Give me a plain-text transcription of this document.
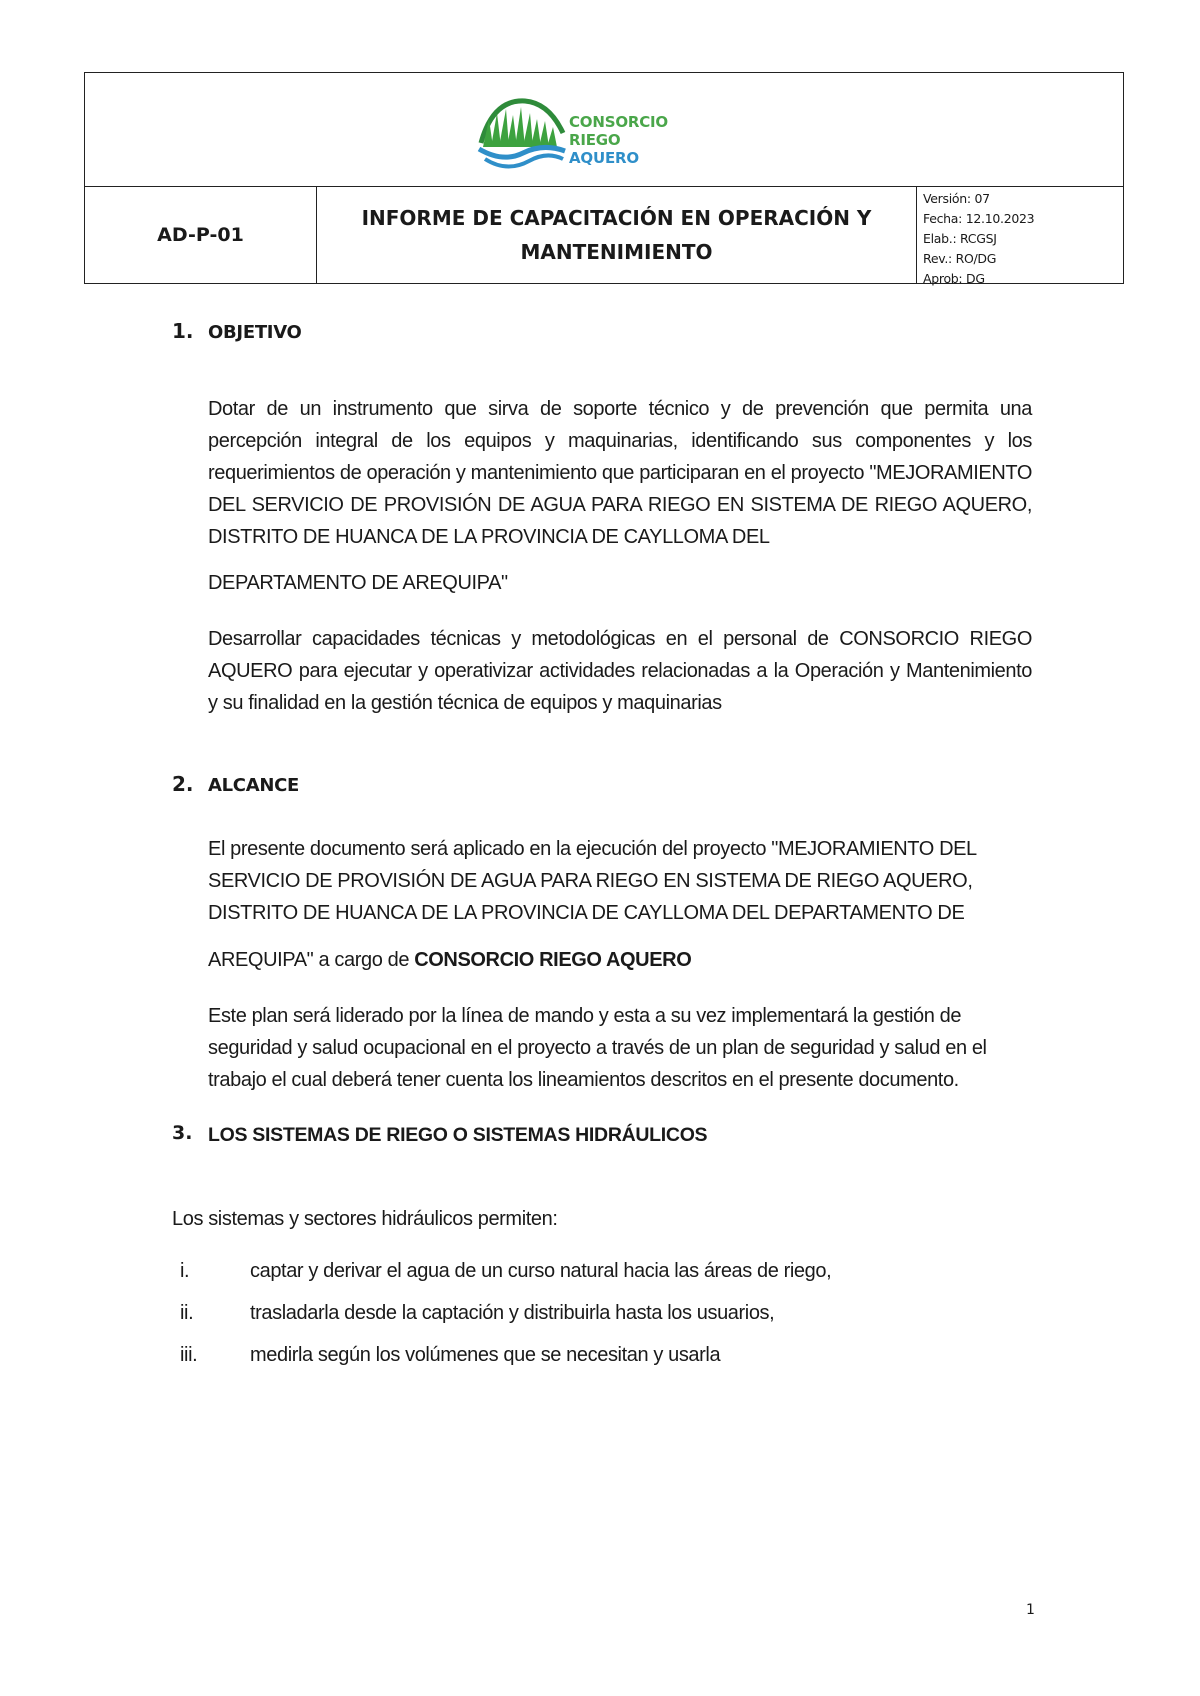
CONSORCIO RIEGO
AQUERO
AD-P-01
INFORME DE CAPACITACIÓN EN OPERACIÓN Y MANTENIMIENTO
Versión: 07
Fecha: 12.10.2023
Elab.: RCGSJ
Rev.: RO/DG
Aprob: DG
1. OBJETIVO
Dotar de un instrumento que sirva de soporte técnico y de prevención que permita una percepción integral de los equipos y maquinarias, identificando sus componentes y los requerimientos de operación y mantenimiento que participaran en el proyecto "MEJORAMIENTO DEL SERVICIO DE PROVISIÓN DE AGUA PARA RIEGO EN SISTEMA DE RIEGO AQUERO, DISTRITO DE HUANCA DE LA PROVINCIA DE CAYLLOMA DEL
DEPARTAMENTO DE AREQUIPA"
Desarrollar capacidades técnicas y metodológicas en el personal de CONSORCIO RIEGO AQUERO para ejecutar y operativizar actividades relacionadas a la Operación y Mantenimiento y su finalidad en la gestión técnica de equipos y maquinarias
2. ALCANCE
El presente documento será aplicado en la ejecución del proyecto "MEJORAMIENTO DEL SERVICIO DE PROVISIÓN DE AGUA PARA RIEGO EN SISTEMA DE RIEGO AQUERO, DISTRITO DE HUANCA DE LA PROVINCIA DE CAYLLOMA DEL DEPARTAMENTO DE
AREQUIPA" a cargo de CONSORCIO RIEGO AQUERO
Este plan será liderado por la línea de mando y esta a su vez implementará la gestión de seguridad y salud ocupacional en el proyecto a través de un plan de seguridad y salud en el trabajo el cual deberá tener cuenta los lineamientos descritos en el presente documento.
3. LOS SISTEMAS DE RIEGO O SISTEMAS HIDRÁULICOS
Los sistemas y sectores hidráulicos permiten:
i.	captar y derivar el agua de un curso natural hacia las áreas de riego,
ii.	trasladarla desde la captación y distribuirla hasta los usuarios,
iii.	medirla según los volúmenes que se necesitan y usarla
1
